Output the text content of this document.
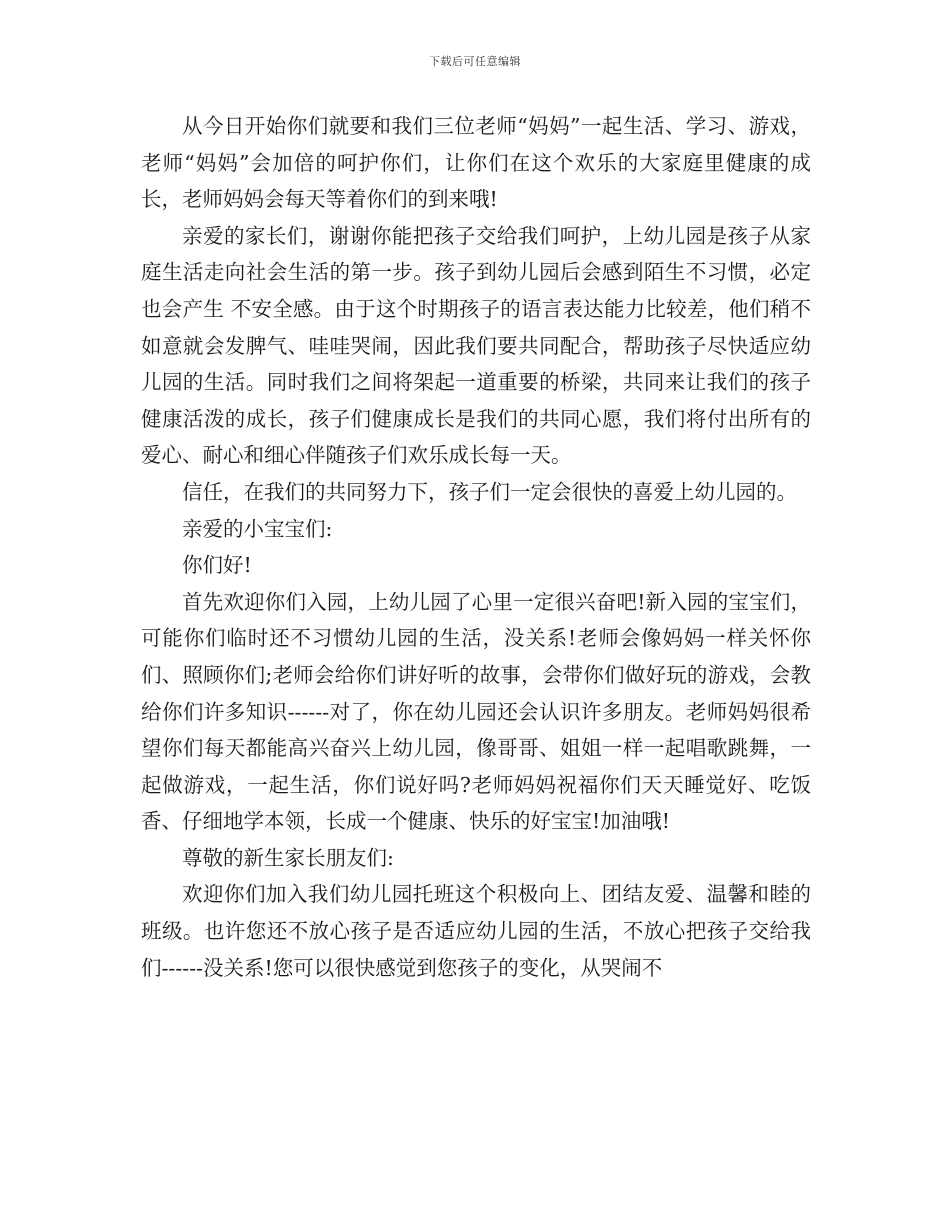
下载后可任意编辑

从今日开始你们就要和我们三位老师“妈妈”一起生活、学习、游戏，老师“妈妈”会加倍的呵护你们，让你们在这个欢乐的大家庭里健康的成长，老师妈妈会每天等着你们的到来哦!

亲爱的家长们，谢谢你能把孩子交给我们呵护，上幼儿园是孩子从家庭生活走向社会生活的第一步。孩子到幼儿园后会感到陌生不习惯，必定也会产生 不安全感。由于这个时期孩子的语言表达能力比较差，他们稍不如意就会发脾气、哇哇哭闹，因此我们要共同配合，帮助孩子尽快适应幼儿园的生活。同时我们之间将架起一道重要的桥梁，共同来让我们的孩子健康活泼的成长，孩子们健康成长是我们的共同心愿，我们将付出所有的爱心、耐心和细心伴随孩子们欢乐成长每一天。

信任，在我们的共同努力下，孩子们一定会很快的喜爱上幼儿园的。

亲爱的小宝宝们:

你们好!

首先欢迎你们入园，上幼儿园了心里一定很兴奋吧!新入园的宝宝们，可能你们临时还不习惯幼儿园的生活，没关系!老师会像妈妈一样关怀你们、照顾你们;老师会给你们讲好听的故事，会带你们做好玩的游戏，会教给你们许多知识------对了，你在幼儿园还会认识许多朋友。老师妈妈很希望你们每天都能高兴奋兴上幼儿园，像哥哥、姐姐一样一起唱歌跳舞，一起做游戏，一起生活，你们说好吗?老师妈妈祝福你们天天睡觉好、吃饭香、仔细地学本领，长成一个健康、快乐的好宝宝!加油哦!

尊敬的新生家长朋友们:

欢迎你们加入我们幼儿园托班这个积极向上、团结友爱、温馨和睦的班级。也许您还不放心孩子是否适应幼儿园的生活，不放心把孩子交给我们------没关系!您可以很快感觉到您孩子的变化，从哭闹不
